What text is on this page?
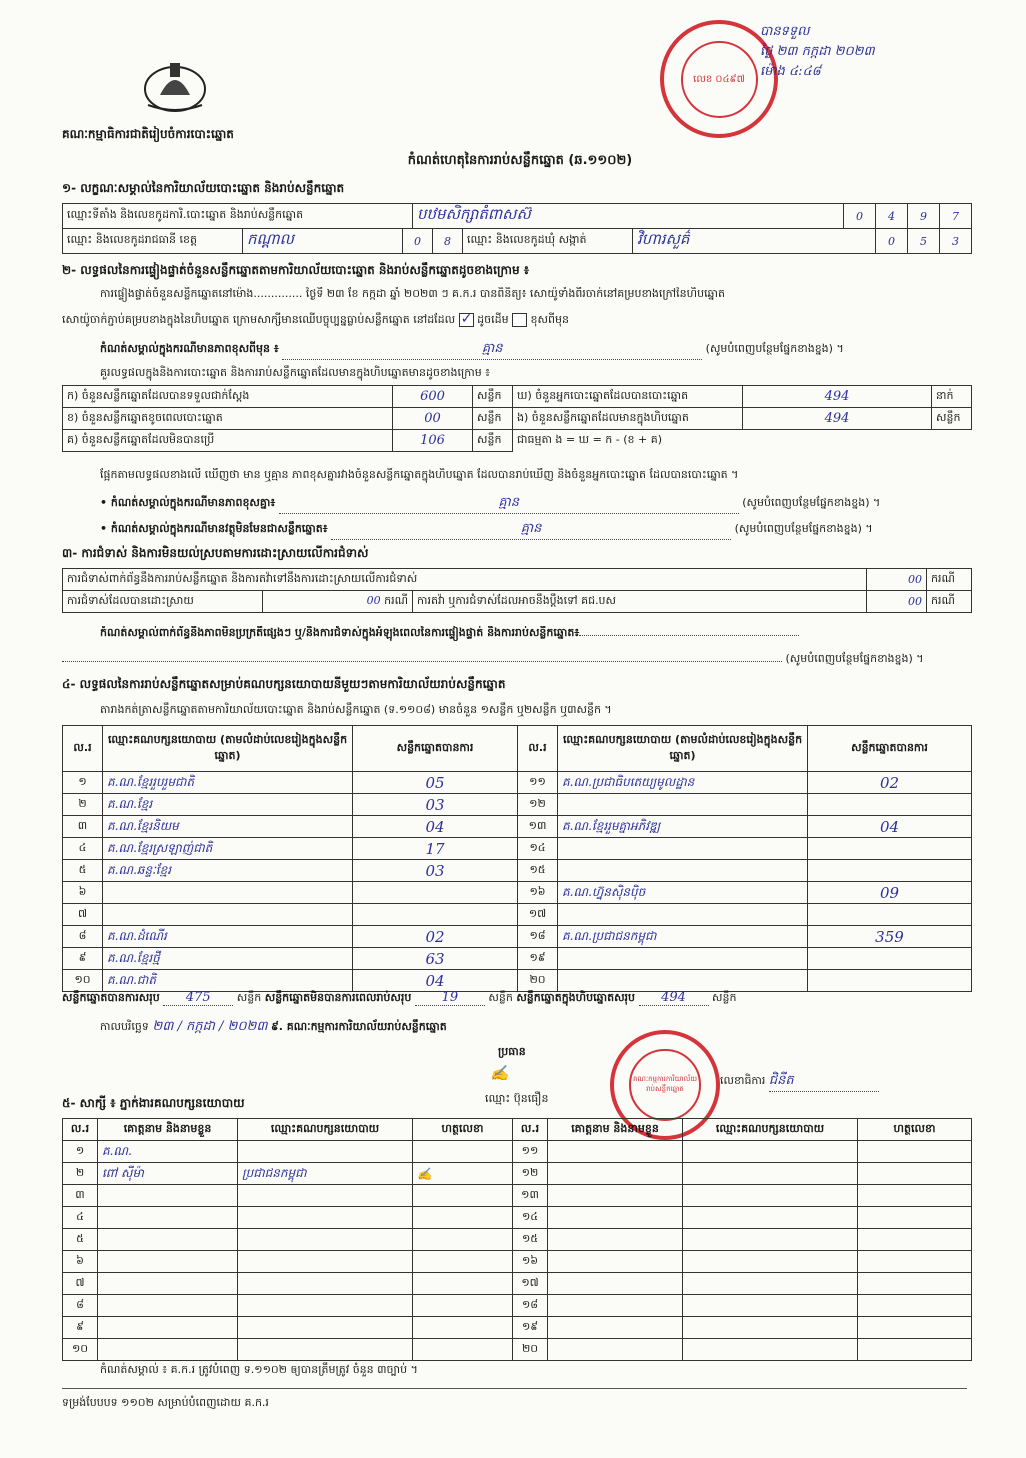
គណៈកម្មាធិការជាតិរៀបចំការបោះឆ្នោត
លេខ ០៤៩៧
បានទទួល
ថ្ងៃ ២៣ កក្កដា ២០២៣
ម៉ោង ៤:៤៨
កំណត់ហេតុនៃការរាប់សន្លឹកឆ្នោត (ឆ.១១០២)
១- លក្ខណៈសម្គាល់នៃការិយាល័យបោះឆ្នោត និងរាប់សន្លឹកឆ្នោត
ឈ្មោះទីតាំង និងលេខកូដការិ.បោះឆ្នោត និងរាប់សន្លឹកឆ្នោត	បឋមសិក្សាតំពាសស៊	0	4	9	7
ឈ្មោះ និងលេខកូដរាជធានី ខេត្ត	កណ្ដាល	0	8	ឈ្មោះ និងលេខកូដឃុំ សង្កាត់	វិហារសួគ៌	0	5	3
២- លទ្ធផលនៃការផ្ទៀងផ្ទាត់ចំនួនសន្លឹកឆ្នោតតាមការិយាល័យបោះឆ្នោត និងរាប់សន្លឹកឆ្នោតដូចខាងក្រោម ៖
ការផ្ទៀងផ្ទាត់ចំនួនសន្លឹកឆ្នោតនៅម៉ោង.............. ថ្ងៃទី ២៣ ខែ កក្កដា ឆ្នាំ ២០២៣ ៗ គ.ក.រ បានពិនិត្យ៖ សោយ៉ូទាំងពីរចាក់នៅគម្របខាងក្រៅនៃហិបឆ្នោត
សោយ៉ូចាក់ភ្ជាប់គម្របខាងក្នុងនៃហិបឆ្នោត ក្រោមសាក្សីមានឈើបច្ចុប្បន្នធ្លាប់សន្លឹកឆ្នោត នៅដដែល ✓ ដូចដើម ខុសពីមុន
កំណត់សម្គាល់ក្នុងករណីមានភាពខុសពីមុន ៖	គ្មាន	(សូមបំពេញបន្ថែមផ្នែកខាងខ្នង) ។
គួរលទ្ធផលក្នុងនិងការបោះឆ្នោត និងការរាប់សន្លឹកឆ្នោតដែលមានក្នុងហិបឆ្នោតមានដូចខាងក្រោម ៖
ក) ចំនួនសន្លឹកឆ្នោតដែលបានទទួលជាក់ស្ដែង	600	សន្លឹក	ឃ) ចំនួនអ្នកបោះឆ្នោតដែលបានបោះឆ្នោត	494	នាក់
ខ) ចំនួនសន្លឹកឆ្នោតខូចពេលបោះឆ្នោត	00	សន្លឹក	ង) ចំនួនសន្លឹកឆ្នោតដែលមានក្នុងហិបឆ្នោត	494	សន្លឹក
គ) ចំនួនសន្លឹកឆ្នោតដែលមិនបានប្រើ	106	សន្លឹក	ជាធម្មតា ង = ឃ = ក - (ខ + គ)		
ផ្អែកតាមលទ្ធផលខាងលើ ឃើញថា មាន ឬគ្មាន ភាពខុសគ្នារវាងចំនួនសន្លឹកឆ្នោតក្នុងហិបឆ្នោត ដែលបានរាប់ឃើញ និងចំនួនអ្នកបោះឆ្នោត ដែលបានបោះឆ្នោត ។
• កំណត់សម្គាល់ក្នុងករណីមានភាពខុសគ្នា៖	គ្មាន	(សូមបំពេញបន្ថែមផ្នែកខាងខ្នង) ។
• កំណត់សម្គាល់ក្នុងករណីមានវត្ថុមិនមែនជាសន្លឹកឆ្នោត៖	គ្មាន	(សូមបំពេញបន្ថែមផ្នែកខាងខ្នង) ។
៣- ការជំទាស់ និងការមិនយល់ស្របតាមការដោះស្រាយលើការជំទាស់
ការជំទាស់ពាក់ព័ន្ធនឹងការរាប់សន្លឹកឆ្នោត និងការតវ៉ាទៅនឹងការដោះស្រាយលើការជំទាស់			00	ករណី
ការជំទាស់ដែលបានដោះស្រាយ	00 ករណី	ការតវ៉ា ឬការជំទាស់ដែលអាចនឹងប្ដឹងទៅ គជ.បស	00	ករណី
កំណត់សម្គាល់ពាក់ព័ន្ធនឹងភាពមិនប្រក្រតីផ្សេងៗ ឬ/និងការជំទាស់ក្នុងអំឡុងពេលនៃការផ្ទៀងផ្ទាត់ និងការរាប់សន្លឹកឆ្នោត៖
(សូមបំពេញបន្ថែមផ្នែកខាងខ្នង) ។
៤- លទ្ធផលនៃការរាប់សន្លឹកឆ្នោតសម្រាប់គណបក្សនយោបាយនីមួយៗតាមការិយាល័យរាប់សន្លឹកឆ្នោត
តារាងកត់ត្រាសន្លឹកឆ្នោតតាមការិយាល័យបោះឆ្នោត និងរាប់សន្លឹកឆ្នោត (ទ.១១០៨) មានចំនួន ១សន្លឹក ឬ២សន្លឹក ឬ៣សន្លឹក ។
ល.រ	ឈ្មោះគណបក្សនយោបាយ (តាមលំដាប់លេខរៀងក្នុងសន្លឹកឆ្នោត)	សន្លឹកឆ្នោតបានការ	ល.រ	ឈ្មោះគណបក្សនយោបាយ (តាមលំដាប់លេខរៀងក្នុងសន្លឹកឆ្នោត)	សន្លឹកឆ្នោតបានការ
១	គ.ណ.ខ្មែររួបរួមជាតិ	05	១១	គ.ណ.ប្រជាធិបតេយ្យមូលដ្ឋាន	02
២	គ.ណ.ខ្មែរ	03	១២		
៣	គ.ណ.ខ្មែរនិយម	04	១៣	គ.ណ.ខ្មែររួមគ្នាអភិវឌ្ឍ	04
៤	គ.ណ.ខ្មែរស្រឡាញ់ជាតិ	17	១៤		
៥	គ.ណ.ឆន្ទៈខ្មែរ	03	១៥		
៦			១៦	គ.ណ.ហ្វ៊ុនស៊ិនប៉ិច	09
៧			១៧		
៨	គ.ណ.ដំណើរ	02	១៨	គ.ណ.ប្រជាជនកម្ពុជា	359
៩	គ.ណ.ខ្មែរថ្មី	63	១៩		
១០	គ.ណ.ជាតិ	04	២០		
សន្លឹកឆ្នោតបានការសរុប 475 សន្លឹក សន្លឹកឆ្នោតមិនបានការពេលរាប់សរុប 19	សន្លឹក សន្លឹកឆ្នោតក្នុងហិបឆ្នោតសរុប 494 សន្លឹក
កាលបរិច្ឆេទ ២៣ / កក្កដា / ២០២៣ ៩. គណៈកម្មការការិយាល័យរាប់សន្លឹកឆ្នោត
ប្រធាន
✍
ឈ្មោះ ប៊ុនធឿន
គណៈកម្មការការិយាល័យរាប់សន្លឹកឆ្នោត
លេខាធិការ ជិនីត
៥- សាក្សី ៖ ភ្នាក់ងារគណបក្សនយោបាយ
ល.រ	គោត្តនាម និងនាមខ្លួន	ឈ្មោះគណបក្សនយោបាយ	ហត្ថលេខា	ល.រ	គោត្តនាម និងនាមខ្លួន	ឈ្មោះគណបក្សនយោបាយ	ហត្ថលេខា
១	គ.ណ.			១១			
២	ពៅ ស៊ីម៉ា	ប្រជាជនកម្ពុជា	✍	១២			
៣				១៣			
៤				១៤			
៥				១៥			
៦				១៦			
៧				១៧			
៨				១៨			
៩				១៩			
១០				២០			
កំណត់សម្គាល់ ៖ គ.ក.រ ត្រូវបំពេញ ទ.១១០២ ឲ្យបានត្រឹមត្រូវ ចំនួន ៣ច្បាប់ ។
ទម្រង់បែបបទ ១១០២ សម្រាប់បំពេញដោយ គ.ក.រ
